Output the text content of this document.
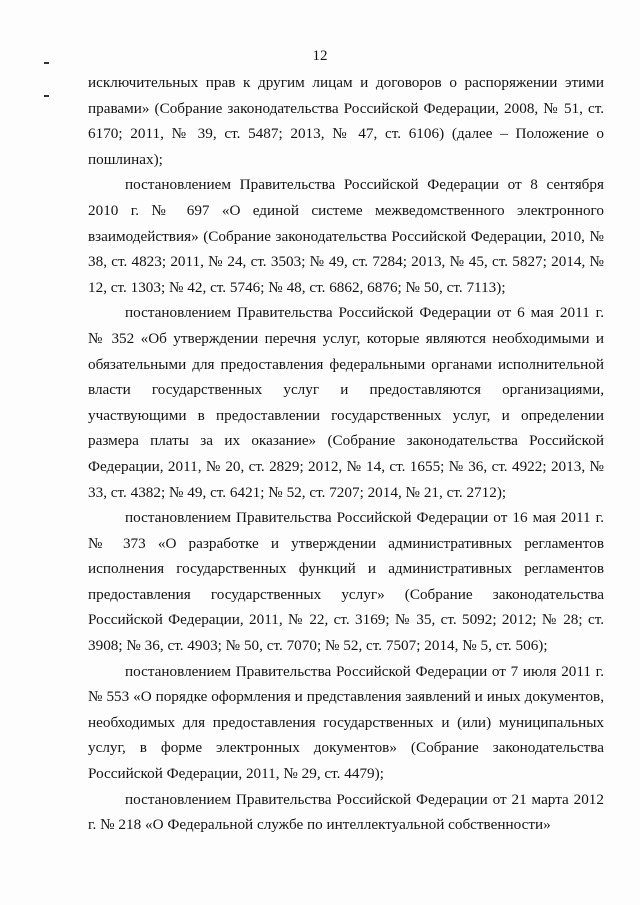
12

исключительных прав к другим лицам и договоров о распоряжении этими правами» (Собрание законодательства Российской Федерации, 2008, № 51, ст. 6170; 2011, № 39, ст. 5487; 2013, № 47, ст. 6106) (далее – Положение о пошлинах);

постановлением Правительства Российской Федерации от 8 сентября 2010 г. № 697 «О единой системе межведомственного электронного взаимодействия» (Собрание законодательства Российской Федерации, 2010, № 38, ст. 4823; 2011, № 24, ст. 3503; № 49, ст. 7284; 2013, № 45, ст. 5827; 2014, № 12, ст. 1303; № 42, ст. 5746; № 48, ст. 6862, 6876; № 50, ст. 7113);

постановлением Правительства Российской Федерации от 6 мая 2011 г. № 352 «Об утверждении перечня услуг, которые являются необходимыми и обязательными для предоставления федеральными органами исполнительной власти государственных услуг и предоставляются организациями, участвующими в предоставлении государственных услуг, и определении размера платы за их оказание» (Собрание законодательства Российской Федерации, 2011, № 20, ст. 2829; 2012, № 14, ст. 1655; № 36, ст. 4922; 2013, № 33, ст. 4382; № 49, ст. 6421; № 52, ст. 7207; 2014, № 21, ст. 2712);

постановлением Правительства Российской Федерации от 16 мая 2011 г. № 373 «О разработке и утверждении административных регламентов исполнения государственных функций и административных регламентов предоставления государственных услуг» (Собрание законодательства Российской Федерации, 2011, № 22, ст. 3169; № 35, ст. 5092; 2012; № 28; ст. 3908; № 36, ст. 4903; № 50, ст. 7070; № 52, ст. 7507; 2014, № 5, ст. 506);

постановлением Правительства Российской Федерации от 7 июля 2011 г. № 553 «О порядке оформления и представления заявлений и иных документов, необходимых для предоставления государственных и (или) муниципальных услуг, в форме электронных документов» (Собрание законодательства Российской Федерации, 2011, № 29, ст. 4479);

постановлением Правительства Российской Федерации от 21 марта 2012 г. № 218 «О Федеральной службе по интеллектуальной собственности»
